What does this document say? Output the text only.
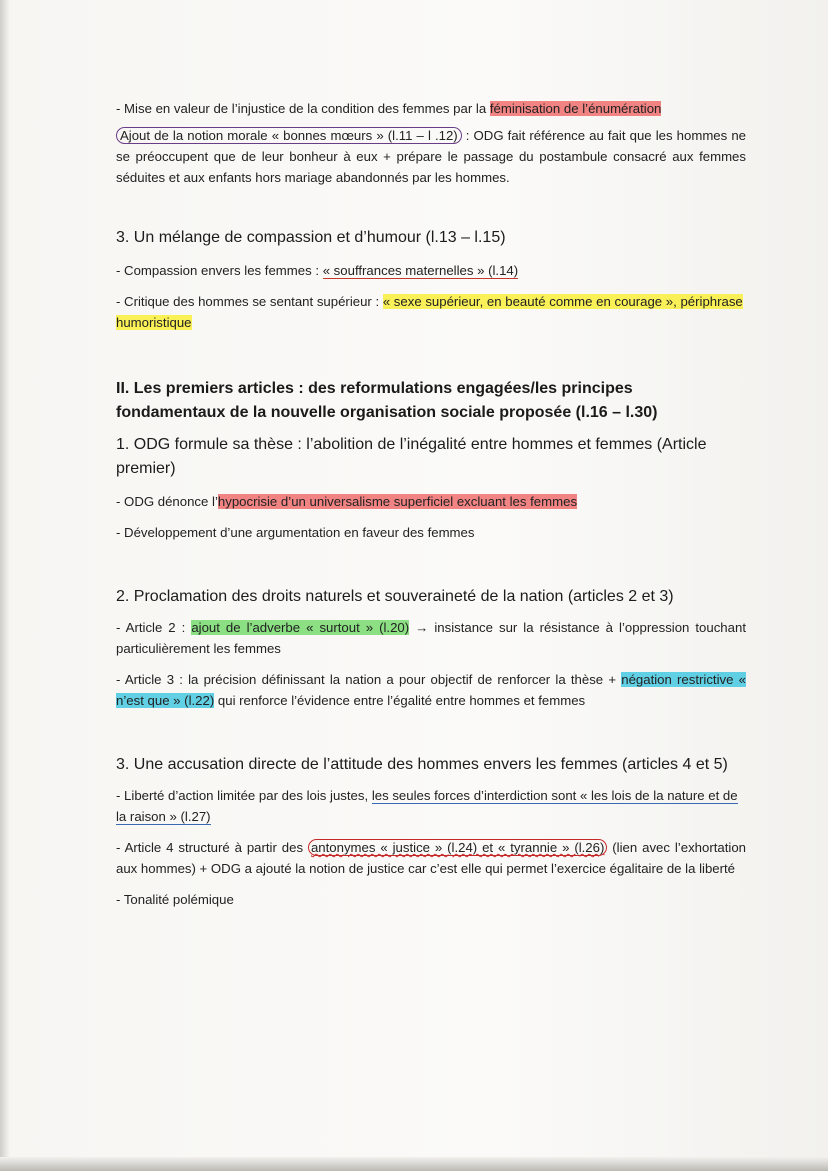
- Mise en valeur de l’injustice de la condition des femmes par la féminisation de l’énumération

Ajout de la notion morale « bonnes mœurs » (l.11 – l .12) : ODG fait référence au fait que les hommes ne se préoccupent que de leur bonheur à eux + prépare le passage du postambule consacré aux femmes séduites et aux enfants hors mariage abandonnés par les hommes.

3. Un mélange de compassion et d’humour (l.13 – l.15)

- Compassion envers les femmes : « souffrances maternelles » (l.14)

- Critique des hommes se sentant supérieur : « sexe supérieur, en beauté comme en courage », périphrase humoristique

II. Les premiers articles : des reformulations engagées/les principes fondamentaux de la nouvelle organisation sociale proposée (l.16 – l.30)

1. ODG formule sa thèse : l’abolition de l’inégalité entre hommes et femmes (Article premier)

- ODG dénonce l’hypocrisie d’un universalisme superficiel excluant les femmes

- Développement d’une argumentation en faveur des femmes

2. Proclamation des droits naturels et souveraineté de la nation (articles 2 et 3)

- Article 2 : ajout de l’adverbe « surtout » (l.20) → insistance sur la résistance à l’oppression touchant particulièrement les femmes

- Article 3 : la précision définissant la nation a pour objectif de renforcer la thèse + négation restrictive « n’est que » (l.22) qui renforce l’évidence entre l’égalité entre hommes et femmes

3. Une accusation directe de l’attitude des hommes envers les femmes (articles 4 et 5)

- Liberté d’action limitée par des lois justes, les seules forces d’interdiction sont « les lois de la nature et de la raison » (l.27)

- Article 4 structuré à partir des antonymes « justice » (l.24) et « tyrannie » (l.26) (lien avec l’exhortation aux hommes) + ODG a ajouté la notion de justice car c’est elle qui permet l’exercice égalitaire de la liberté

- Tonalité polémique
